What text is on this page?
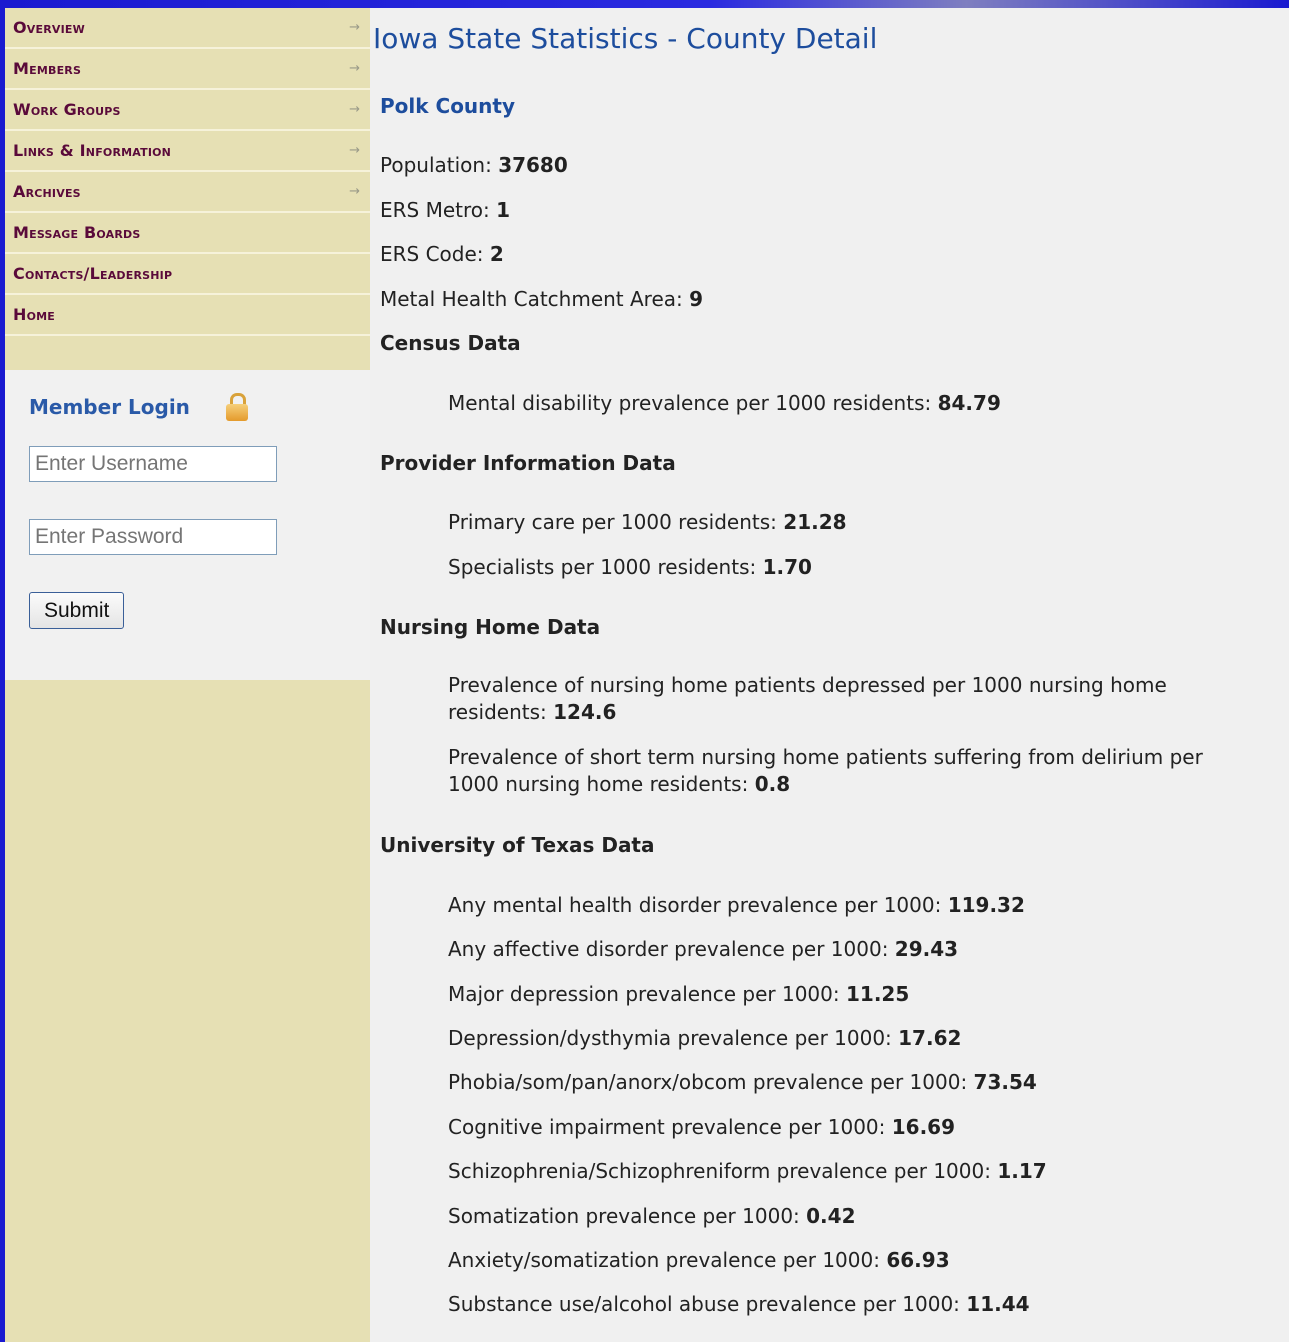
Overview	→
Members	→
Work Groups	→
Links & Information	→
Archives	→
Message Boards
Contacts/Leadership
Home
Member Login
Enter Username
Submit
Iowa State Statistics - County Detail
Polk County
Population: 37680
ERS Metro: 1
ERS Code: 2
Metal Health Catchment Area: 9
Census Data
Mental disability prevalence per 1000 residents: 84.79
Provider Information Data
Primary care per 1000 residents: 21.28
Specialists per 1000 residents: 1.70
Nursing Home Data
Prevalence of nursing home patients depressed per 1000 nursing home residents: 124.6
Prevalence of short term nursing home patients suffering from delirium per 1000 nursing home residents: 0.8
University of Texas Data
Any mental health disorder prevalence per 1000: 119.32
Any affective disorder prevalence per 1000: 29.43
Major depression prevalence per 1000: 11.25
Depression/dysthymia prevalence per 1000: 17.62
Phobia/som/pan/anorx/obcom prevalence per 1000: 73.54
Cognitive impairment prevalence per 1000: 16.69
Schizophrenia/Schizophreniform prevalence per 1000: 1.17
Somatization prevalence per 1000: 0.42
Anxiety/somatization prevalence per 1000: 66.93
Substance use/alcohol abuse prevalence per 1000: 11.44
